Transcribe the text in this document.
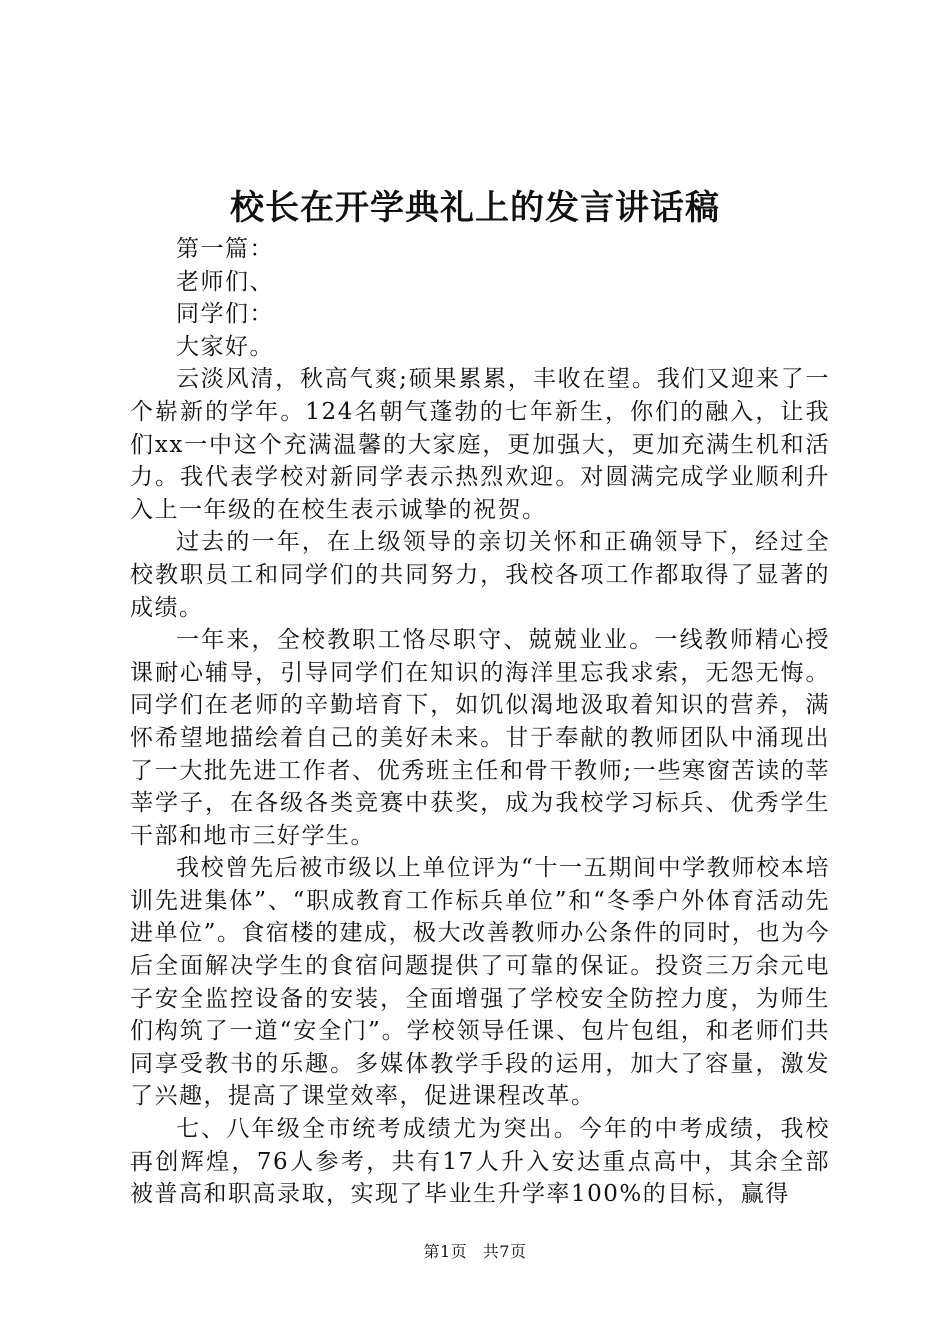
校长在开学典礼上的发言讲话稿

第一篇：

老师们、

同学们：

大家好。

云淡风清，秋高气爽;硕果累累，丰收在望。我们又迎来了一个崭新的学年。124名朝气蓬勃的七年新生，你们的融入，让我们xx一中这个充满温馨的大家庭，更加强大，更加充满生机和活力。我代表学校对新同学表示热烈欢迎。对圆满完成学业顺利升入上一年级的在校生表示诚挚的祝贺。

过去的一年，在上级领导的亲切关怀和正确领导下，经过全校教职员工和同学们的共同努力，我校各项工作都取得了显著的成绩。

一年来，全校教职工恪尽职守、兢兢业业。一线教师精心授课耐心辅导，引导同学们在知识的海洋里忘我求索，无怨无悔。同学们在老师的辛勤培育下，如饥似渴地汲取着知识的营养，满怀希望地描绘着自己的美好未来。甘于奉献的教师团队中涌现出了一大批先进工作者、优秀班主任和骨干教师;一些寒窗苦读的莘莘学子，在各级各类竞赛中获奖，成为我校学习标兵、优秀学生干部和地市三好学生。

我校曾先后被市级以上单位评为“十一五期间中学教师校本培训先进集体”、“职成教育工作标兵单位”和“冬季户外体育活动先进单位”。食宿楼的建成，极大改善教师办公条件的同时，也为今后全面解决学生的食宿问题提供了可靠的保证。投资三万余元电子安全监控设备的安装，全面增强了学校安全防控力度，为师生们构筑了一道“安全门”。学校领导任课、包片包组，和老师们共同享受教书的乐趣。多媒体教学手段的运用，加大了容量，激发了兴趣，提高了课堂效率，促进课程改革。

七、八年级全市统考成绩尤为突出。今年的中考成绩，我校再创辉煌，76人参考，共有17人升入安达重点高中，其余全部被普高和职高录取，实现了毕业生升学率100%的目标，赢得

第1页 共7页
